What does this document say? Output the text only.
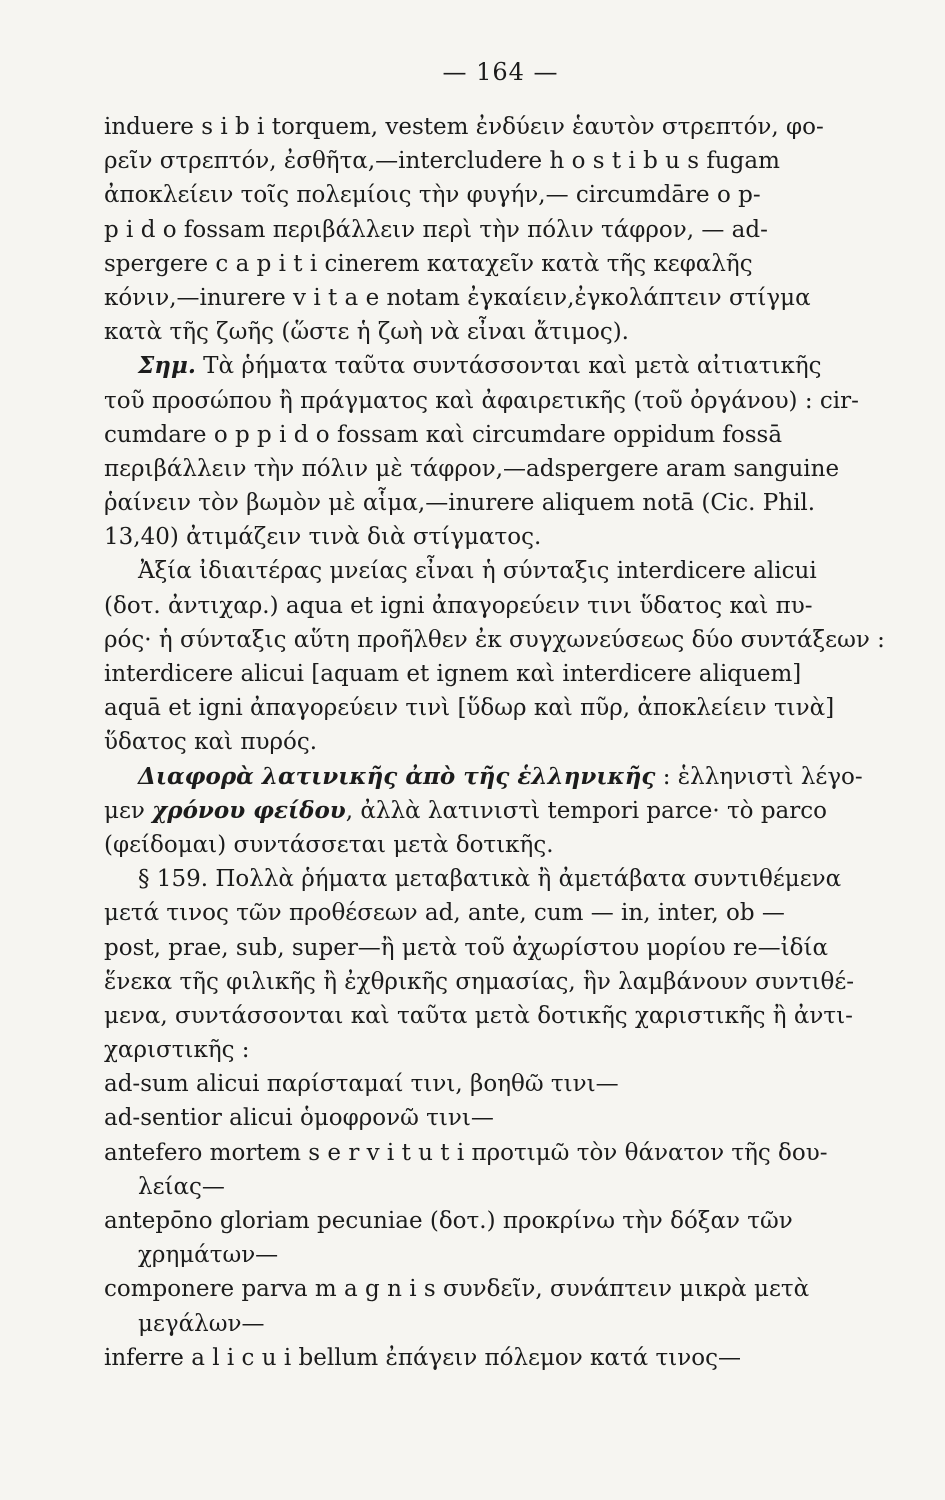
— 164 —
induere s i b i torquem, vestem ἐνδύειν ἑαυτὸν στρεπτόν, φο-
ρεῖν στρεπτόν, ἐσθῆτα,—intercludere h o s t i b u s fugam
ἀποκλείειν τοῖς πολεμίοις τὴν φυγήν,— circumdāre o p-
p i d o fossam περιβάλλειν περὶ τὴν πόλιν τάφρον, — ad-
spergere c a p i t i cinerem καταχεῖν κατὰ τῆς κεφαλῆς
κόνιν,—inurere v i t a e notam ἐγκαίειν,ἐγκολάπτειν στίγμα
κατὰ τῆς ζωῆς (ὥστε ἡ ζωὴ νὰ εἶναι ἄτιμος).
Σημ. Τὰ ῥήματα ταῦτα συντάσσονται καὶ μετὰ αἰτιατικῆς
τοῦ προσώπου ἢ πράγματος καὶ ἀφαιρετικῆς (τοῦ ὀργάνου) : cir-
cumdare o p p i d o fossam καὶ circumdare oppidum fossā
περιβάλλειν τὴν πόλιν μὲ τάφρον,—adspergere aram sanguine
ῥαίνειν τὸν βωμὸν μὲ αἷμα,—inurere aliquem notā (Cic. Phil.
13,40) ἀτιμάζειν τινὰ διὰ στίγματος.
Ἀξία ἰδιαιτέρας μνείας εἶναι ἡ σύνταξις interdicere alicui
(δοτ. ἀντιχαρ.) aqua et igni ἀπαγορεύειν τινι ὕδατος καὶ πυ-
ρός· ἡ σύνταξις αὕτη προῆλθεν ἐκ συγχωνεύσεως δύο συντάξεων :
interdicere alicui [aquam et ignem καὶ interdicere aliquem]
aquā et igni ἀπαγορεύειν τινὶ [ὕδωρ καὶ πῦρ, ἀποκλείειν τινὰ]
ὕδατος καὶ πυρός.
Διαφορὰ λατινικῆς ἀπὸ τῆς ἑλληνικῆς : ἑλληνιστὶ λέγο-
μεν χρόνου φείδου, ἀλλὰ λατινιστὶ tempori parce· τὸ parco
(φείδομαι) συντάσσεται μετὰ δοτικῆς.
§ 159. Πολλὰ ῥήματα μεταβατικὰ ἢ ἀμετάβατα συντιθέμενα
μετά τινος τῶν προθέσεων ad, ante, cum — in, inter, ob —
post, prae, sub, super—ἢ μετὰ τοῦ ἀχωρίστου μορίου re—ἰδία
ἕνεκα τῆς φιλικῆς ἢ ἐχθρικῆς σημασίας, ἣν λαμβάνουν συντιθέ-
μενα, συντάσσονται καὶ ταῦτα μετὰ δοτικῆς χαριστικῆς ἢ ἀντι-
χαριστικῆς :
ad-sum alicui παρίσταμαί τινι, βοηθῶ τινι—
ad-sentior alicui ὁμοφρονῶ τινι—
antefero mortem s e r v i t u t i προτιμῶ τὸν θάνατον τῆς δου-
λείας—
antepōno gloriam pecuniae (δοτ.) προκρίνω τὴν δόξαν τῶν
χρημάτων—
componere parva m a g n i s συνδεῖν, συνάπτειν μικρὰ μετὰ
μεγάλων—
inferre a l i c u i bellum ἐπάγειν πόλεμον κατά τινος—
